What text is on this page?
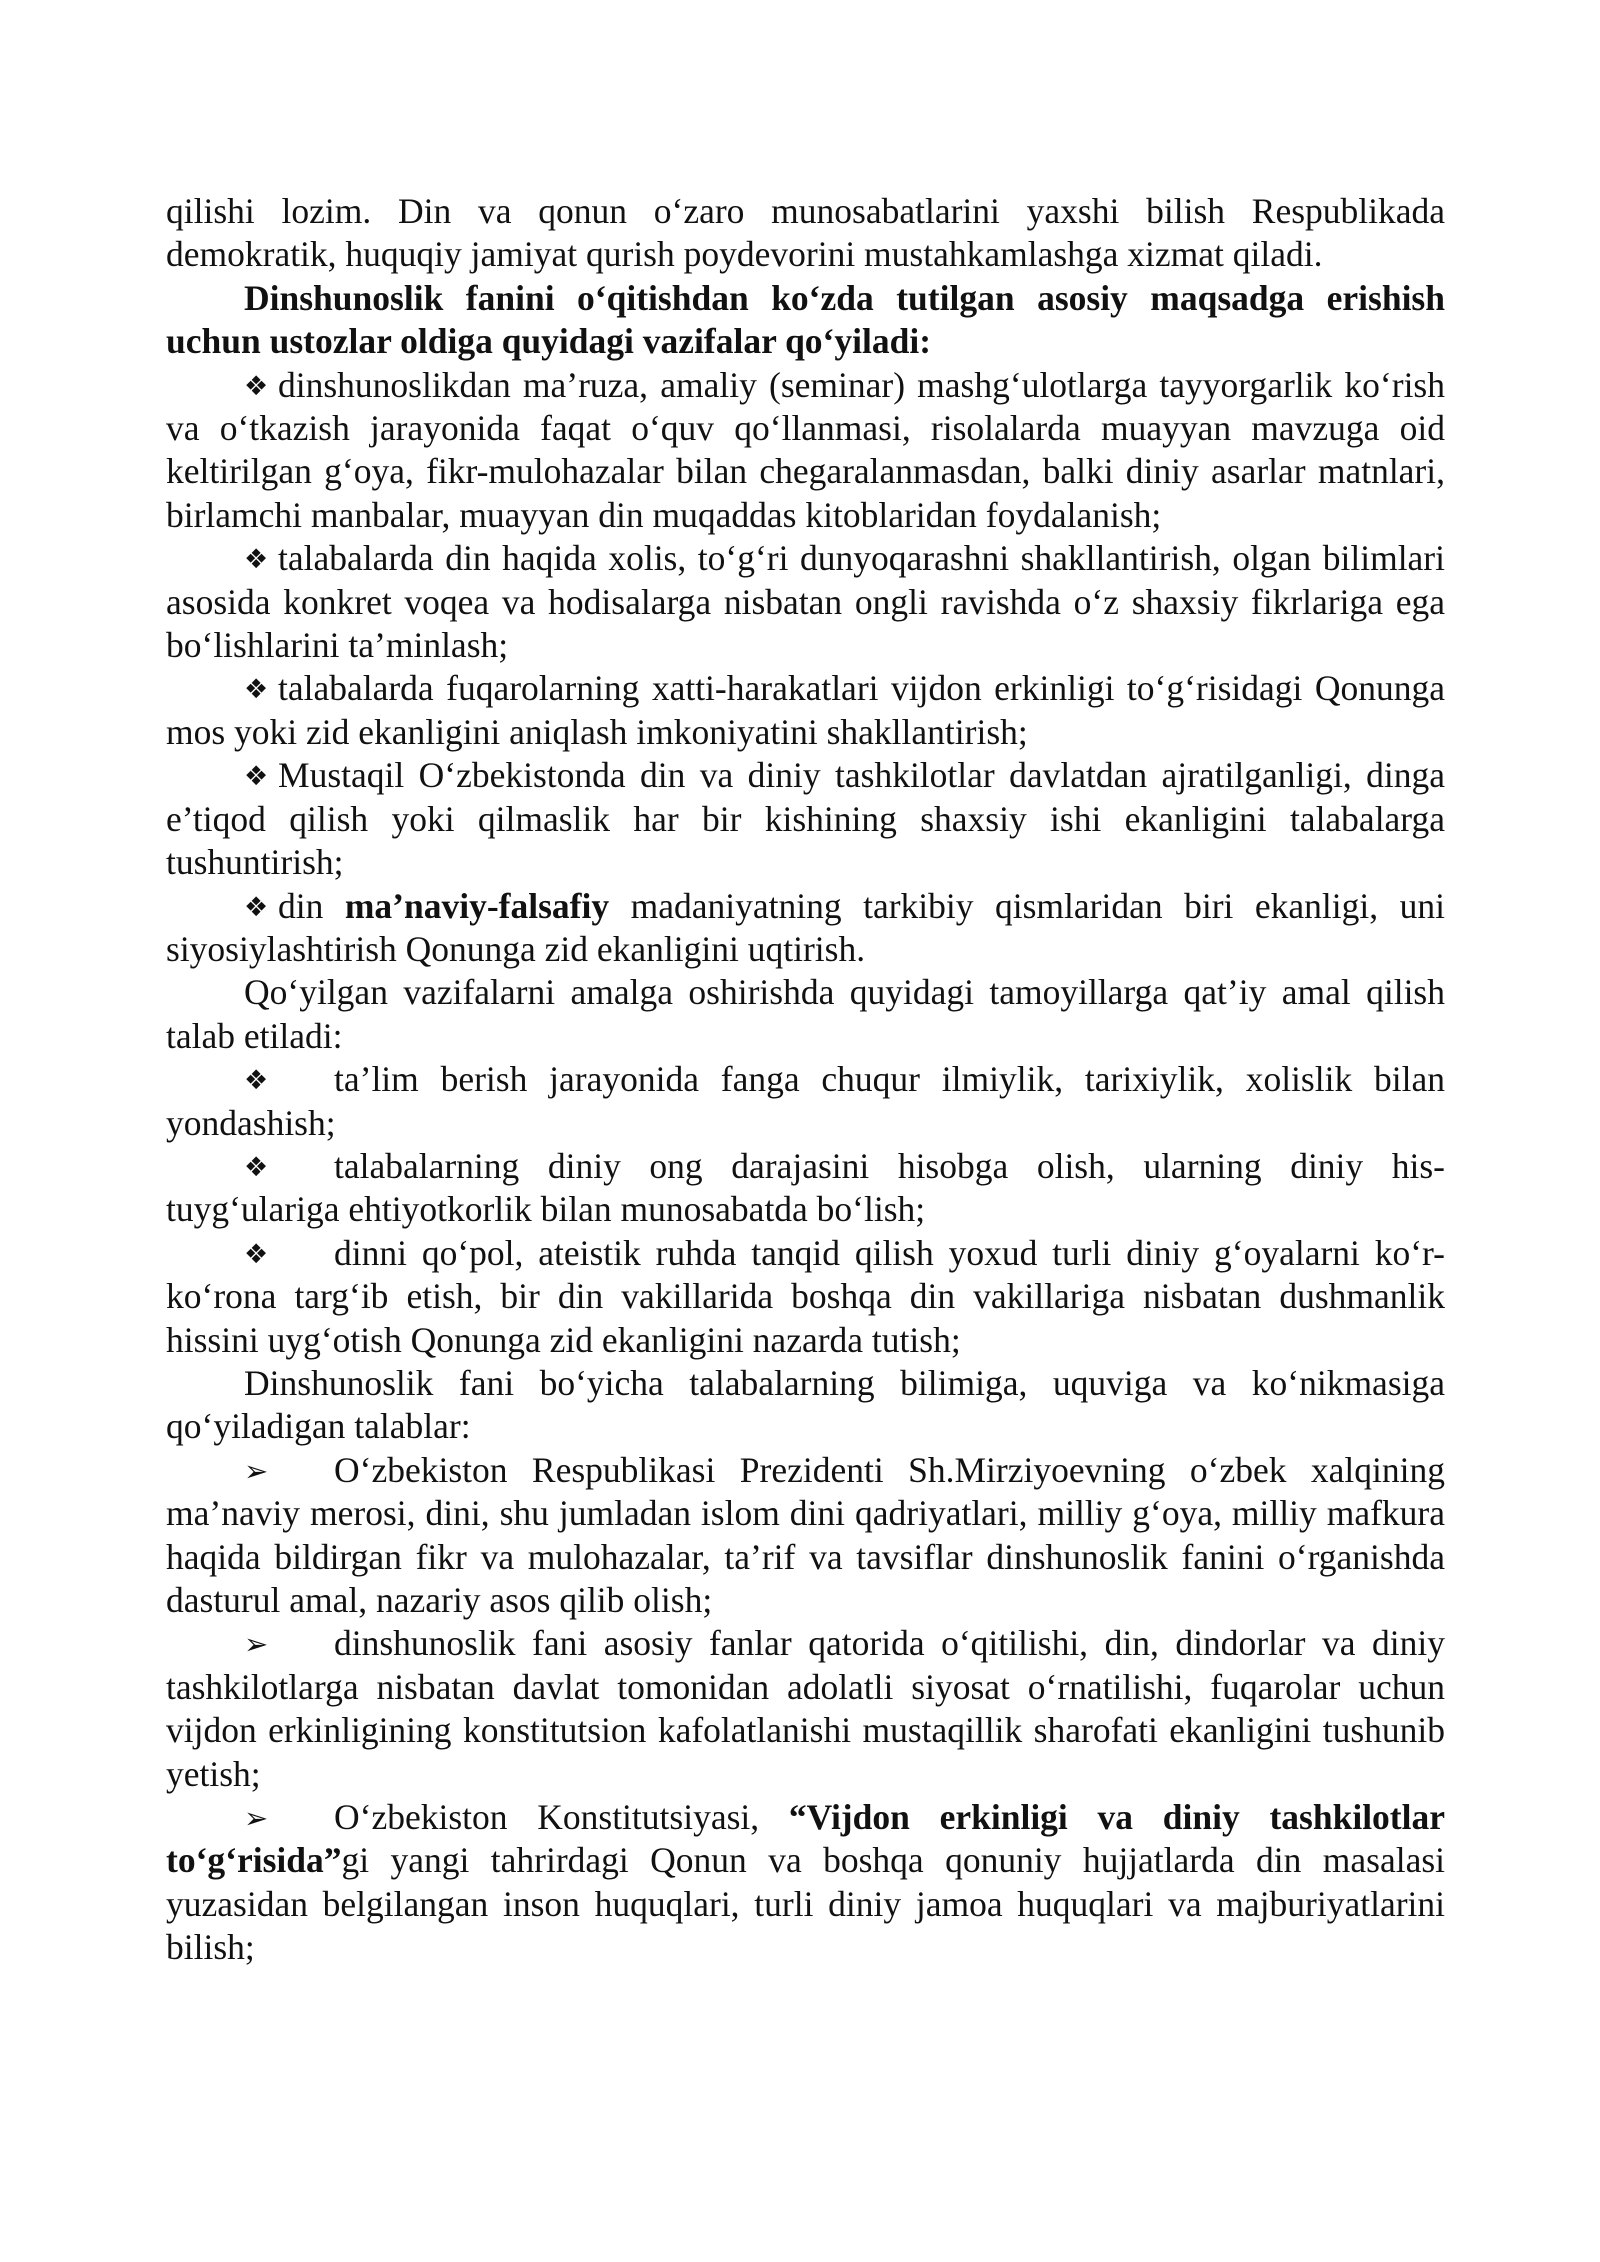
qilishi lozim. Din va qonun o‘zaro munosabatlarini yaxshi bilish Respublikada demokratik, huquqiy jamiyat qurish poydevorini mustahkamlashga xizmat qiladi.

Dinshunoslik fanini o‘qitishdan ko‘zda tutilgan asosiy maqsadga erishish uchun ustozlar oldiga quyidagi vazifalar qo‘yiladi:

❖ dinshunoslikdan ma’ruza, amaliy (seminar) mashg‘ulotlarga tayyorgarlik ko‘rish va o‘tkazish jarayonida faqat o‘quv qo‘llanmasi, risolalarda muayyan mavzuga oid keltirilgan g‘oya, fikr-mulohazalar bilan chegaralanmasdan, balki diniy asarlar matnlari, birlamchi manbalar, muayyan din muqaddas kitoblaridan foydalanish;

❖ talabalarda din haqida xolis, to‘g‘ri dunyoqarashni shakllantirish, olgan bilimlari asosida konkret voqea va hodisalarga nisbatan ongli ravishda o‘z shaxsiy fikrlariga ega bo‘lishlarini ta’minlash;

❖ talabalarda fuqarolarning xatti-harakatlari vijdon erkinligi to‘g‘risidagi Qonunga mos yoki zid ekanligini aniqlash imkoniyatini shakllantirish;

❖ Mustaqil O‘zbekistonda din va diniy tashkilotlar davlatdan ajratilganligi, dinga e’tiqod qilish yoki qilmaslik har bir kishining shaxsiy ishi ekanligini talabalarga tushuntirish;

❖ din ma’naviy-falsafiy madaniyatning tarkibiy qismlaridan biri ekanligi, uni siyosiylashtirish Qonunga zid ekanligini uqtirish.

Qo‘yilgan vazifalarni amalga oshirishda quyidagi tamoyillarga qat’iy amal qilish talab etiladi:

❖ ta’lim berish jarayonida fanga chuqur ilmiylik, tarixiylik, xolislik bilan yondashish;

❖ talabalarning diniy ong darajasini hisobga olish, ularning diniy his-tuyg‘ulariga ehtiyotkorlik bilan munosabatda bo‘lish;

❖ dinni qo‘pol, ateistik ruhda tanqid qilish yoxud turli diniy g‘oyalarni ko‘r-ko‘rona targ‘ib etish, bir din vakillarida boshqa din vakillariga nisbatan dushmanlik hissini uyg‘otish Qonunga zid ekanligini nazarda tutish;

Dinshunoslik fani bo‘yicha talabalarning bilimiga, uquviga va ko‘nikmasiga qo‘yiladigan talablar:

➢ O‘zbekiston Respublikasi Prezidenti Sh.Mirziyoevning o‘zbek xalqining ma’naviy merosi, dini, shu jumladan islom dini qadriyatlari, milliy g‘oya, milliy mafkura haqida bildirgan fikr va mulohazalar, ta’rif va tavsiflar dinshunoslik fanini o‘rganishda dasturul amal, nazariy asos qilib olish;

➢ dinshunoslik fani asosiy fanlar qatorida o‘qitilishi, din, dindorlar va diniy tashkilotlarga nisbatan davlat tomonidan adolatli siyosat o‘rnatilishi, fuqarolar uchun vijdon erkinligining konstitutsion kafolatlanishi mustaqillik sharofati ekanligini tushunib yetish;

➢ O‘zbekiston Konstitutsiyasi, “Vijdon erkinligi va diniy tashkilotlar to‘g‘risida”gi yangi tahrirdagi Qonun va boshqa qonuniy hujjatlarda din masalasi yuzasidan belgilangan inson huquqlari, turli diniy jamoa huquqlari va majburiyatlarini bilish;
